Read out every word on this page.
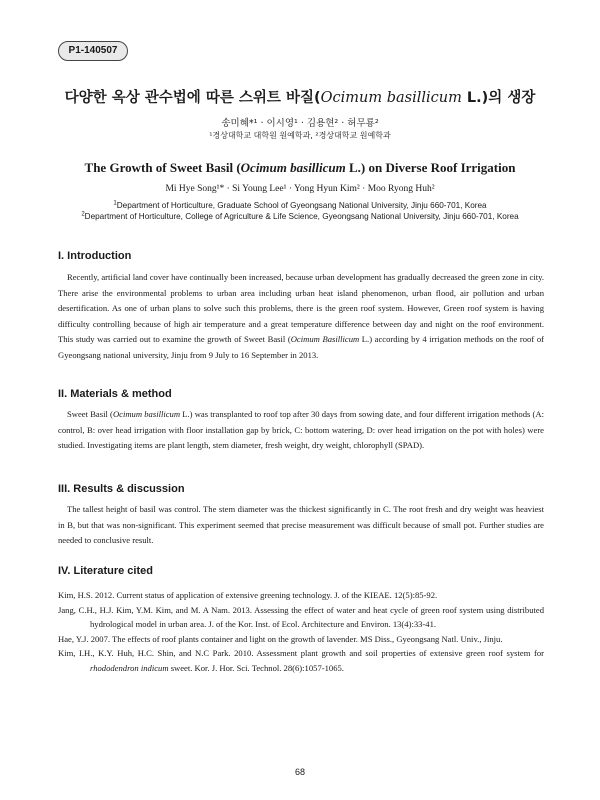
P1-140507
다양한 옥상 관수법에 따른 스위트 바질(Ocimum basillicum L.)의 생장
송미혜*¹ · 이시영¹ · 김용현² · 허무룡²
¹경상대학교 대학원 원예학과, ²경상대학교 원예학과
The Growth of Sweet Basil (Ocimum basillicum L.) on Diverse Roof Irrigation
Mi Hye Song¹* · Si Young Lee¹ · Yong Hyun Kim² · Moo Ryong Huh²
$^1$Department of Horticulture, Graduate School of Gyeongsang National University, Jinju 660-701, Korea
$^2$Department of Horticulture, College of Agriculture & Life Science, Gyeongsang National University, Jinju 660-701, Korea
I. Introduction

Recently, artificial land cover have continually been increased, because urban development has gradually decreased the green zone in city. There arise the environmental problems to urban area including urban heat island phenomenon, urban flood, air pollution and urban desertification. As one of urban plans to solve such this problems, there is the green roof system. However, Green roof system is having difficulty controlling because of high air temperature and a great temperature difference between day and night on the roof environment. This study was carried out to examine the growth of Sweet Basil (Ocimum Basillicum L.) according by 4 irrigation methods on the roof of Gyeongsang national university, Jinju from 9 July to 16 September in 2013.

II. Materials & method

Sweet Basil (Ocimum basillicum L.) was transplanted to roof top after 30 days from sowing date, and four different irrigation methods (A: control, B: over head irrigation with floor installation gap by brick, C: bottom watering, D: over head irrigation on the pot with holes) were studied. Investigating items are plant length, stem diameter, fresh weight, dry weight, chlorophyll (SPAD).

III. Results & discussion

The tallest height of basil was control. The stem diameter was the thickest significantly in C. The root fresh and dry weight was heaviest in B, but that was non-significant. This experiment seemed that precise measurement was difficult because of small pot. Further studies are needed to conclusive result.

IV. Literature cited

Kim, H.S. 2012. Current status of application of extensive greening technology. J. of the KIEAE. 12(5):85-92.

Jang, C.H., H.J. Kim, Y.M. Kim, and M. A Nam. 2013. Assessing the effect of water and heat cycle of green roof system using distributed hydrological model in urban area. J. of the Kor. Inst. of Ecol. Architecture and Environ. 13(4):33-41.

Hae, Y.J. 2007. The effects of roof plants container and light on the growth of lavender. MS Diss., Gyeongsang Natl. Univ., Jinju.

Kim, I.H., K.Y. Huh, H.C. Shin, and N.C Park. 2010. Assessment plant growth and soil properties of extensive green roof system for rhododendron indicum sweet. Kor. J. Hor. Sci. Technol. 28(6):1057-1065.

68
